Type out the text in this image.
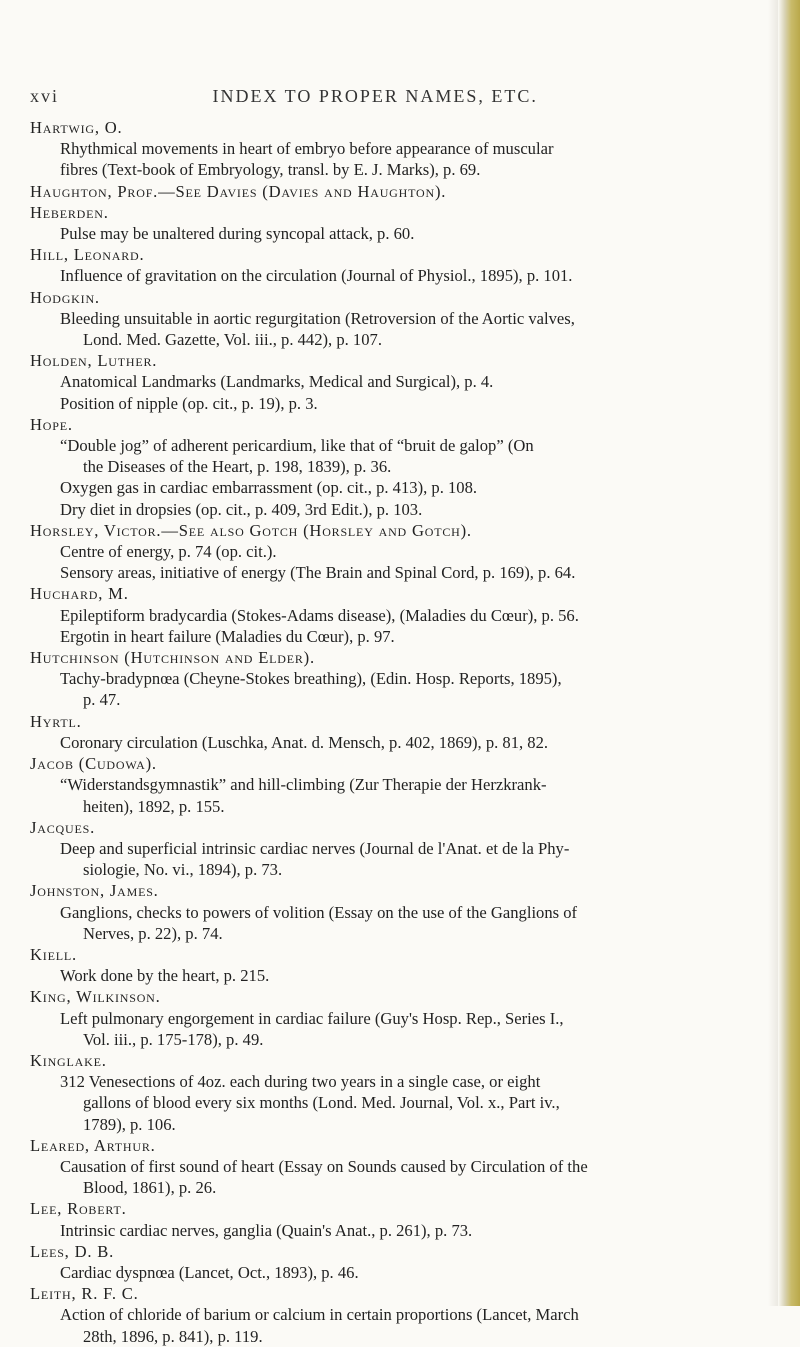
xvi	INDEX TO PROPER NAMES, ETC.
Hartwig, O.
Rhythmical movements in heart of embryo before appearance of muscular
fibres (Text-book of Embryology, transl. by E. J. Marks), p. 69.
Haughton, Prof.—See Davies (Davies and Haughton).
Heberden.
Pulse may be unaltered during syncopal attack, p. 60.
Hill, Leonard.
Influence of gravitation on the circulation (Journal of Physiol., 1895), p. 101.
Hodgkin.
Bleeding unsuitable in aortic regurgitation (Retroversion of the Aortic valves,
Lond. Med. Gazette, Vol. iii., p. 442), p. 107.
Holden, Luther.
Anatomical Landmarks (Landmarks, Medical and Surgical), p. 4.
Position of nipple (op. cit., p. 19), p. 3.
Hope.
“Double jog” of adherent pericardium, like that of “bruit de galop” (On
the Diseases of the Heart, p. 198, 1839), p. 36.
Oxygen gas in cardiac embarrassment (op. cit., p. 413), p. 108.
Dry diet in dropsies (op. cit., p. 409, 3rd Edit.), p. 103.
Horsley, Victor.—See also Gotch (Horsley and Gotch).
Centre of energy, p. 74 (op. cit.).
Sensory areas, initiative of energy (The Brain and Spinal Cord, p. 169), p. 64.
Huchard, M.
Epileptiform bradycardia (Stokes-Adams disease), (Maladies du Cœur), p. 56.
Ergotin in heart failure (Maladies du Cœur), p. 97.
Hutchinson (Hutchinson and Elder).
Tachy-bradypnœa (Cheyne-Stokes breathing), (Edin. Hosp. Reports, 1895),
p. 47.
Hyrtl.
Coronary circulation (Luschka, Anat. d. Mensch, p. 402, 1869), p. 81, 82.
Jacob (Cudowa).
“Widerstandsgymnastik” and hill-climbing (Zur Therapie der Herzkrank-
heiten), 1892, p. 155.
Jacques.
Deep and superficial intrinsic cardiac nerves (Journal de l'Anat. et de la Phy-
siologie, No. vi., 1894), p. 73.
Johnston, James.
Ganglions, checks to powers of volition (Essay on the use of the Ganglions of
Nerves, p. 22), p. 74.
Kiell.
Work done by the heart, p. 215.
King, Wilkinson.
Left pulmonary engorgement in cardiac failure (Guy's Hosp. Rep., Series I.,
Vol. iii., p. 175-178), p. 49.
Kinglake.
312 Venesections of 4oz. each during two years in a single case, or eight
gallons of blood every six months (Lond. Med. Journal, Vol. x., Part iv.,
1789), p. 106.
Leared, Arthur.
Causation of first sound of heart (Essay on Sounds caused by Circulation of the
Blood, 1861), p. 26.
Lee, Robert.
Intrinsic cardiac nerves, ganglia (Quain's Anat., p. 261), p. 73.
Lees, D. B.
Cardiac dyspnœa (Lancet, Oct., 1893), p. 46.
Leith, R. F. C.
Action of chloride of barium or calcium in certain proportions (Lancet, March
28th, 1896, p. 841), p. 119.
